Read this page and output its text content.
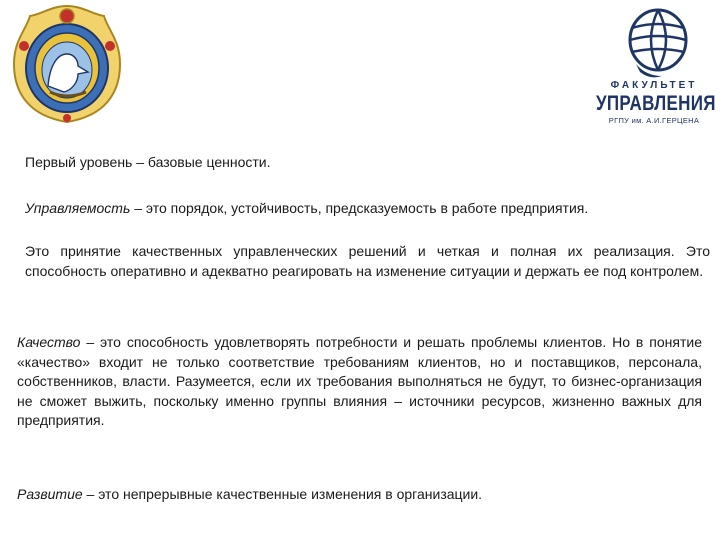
ФАКУЛЬТЕТ
УПРАВЛЕНИЯ
РГПУ им. А.И.ГЕРЦЕНА

Первый уровень – базовые ценности.

Управляемость – это порядок, устойчивость, предсказуемость в работе предприятия.

Это принятие качественных управленческих решений и четкая и полная их реализация. Это способность оперативно и адекватно реагировать на изменение ситуации и держать ее под контролем.

Качество – это способность удовлетворять потребности и решать проблемы клиентов. Но в понятие «качество» входит не только соответствие требованиям клиентов, но и поставщиков, персонала, собственников, власти. Разумеется, если их требования выполняться не будут, то бизнес-организация не сможет выжить, поскольку именно группы влияния – источники ресурсов, жизненно важных для предприятия.

Развитие – это непрерывные качественные изменения в организации.
